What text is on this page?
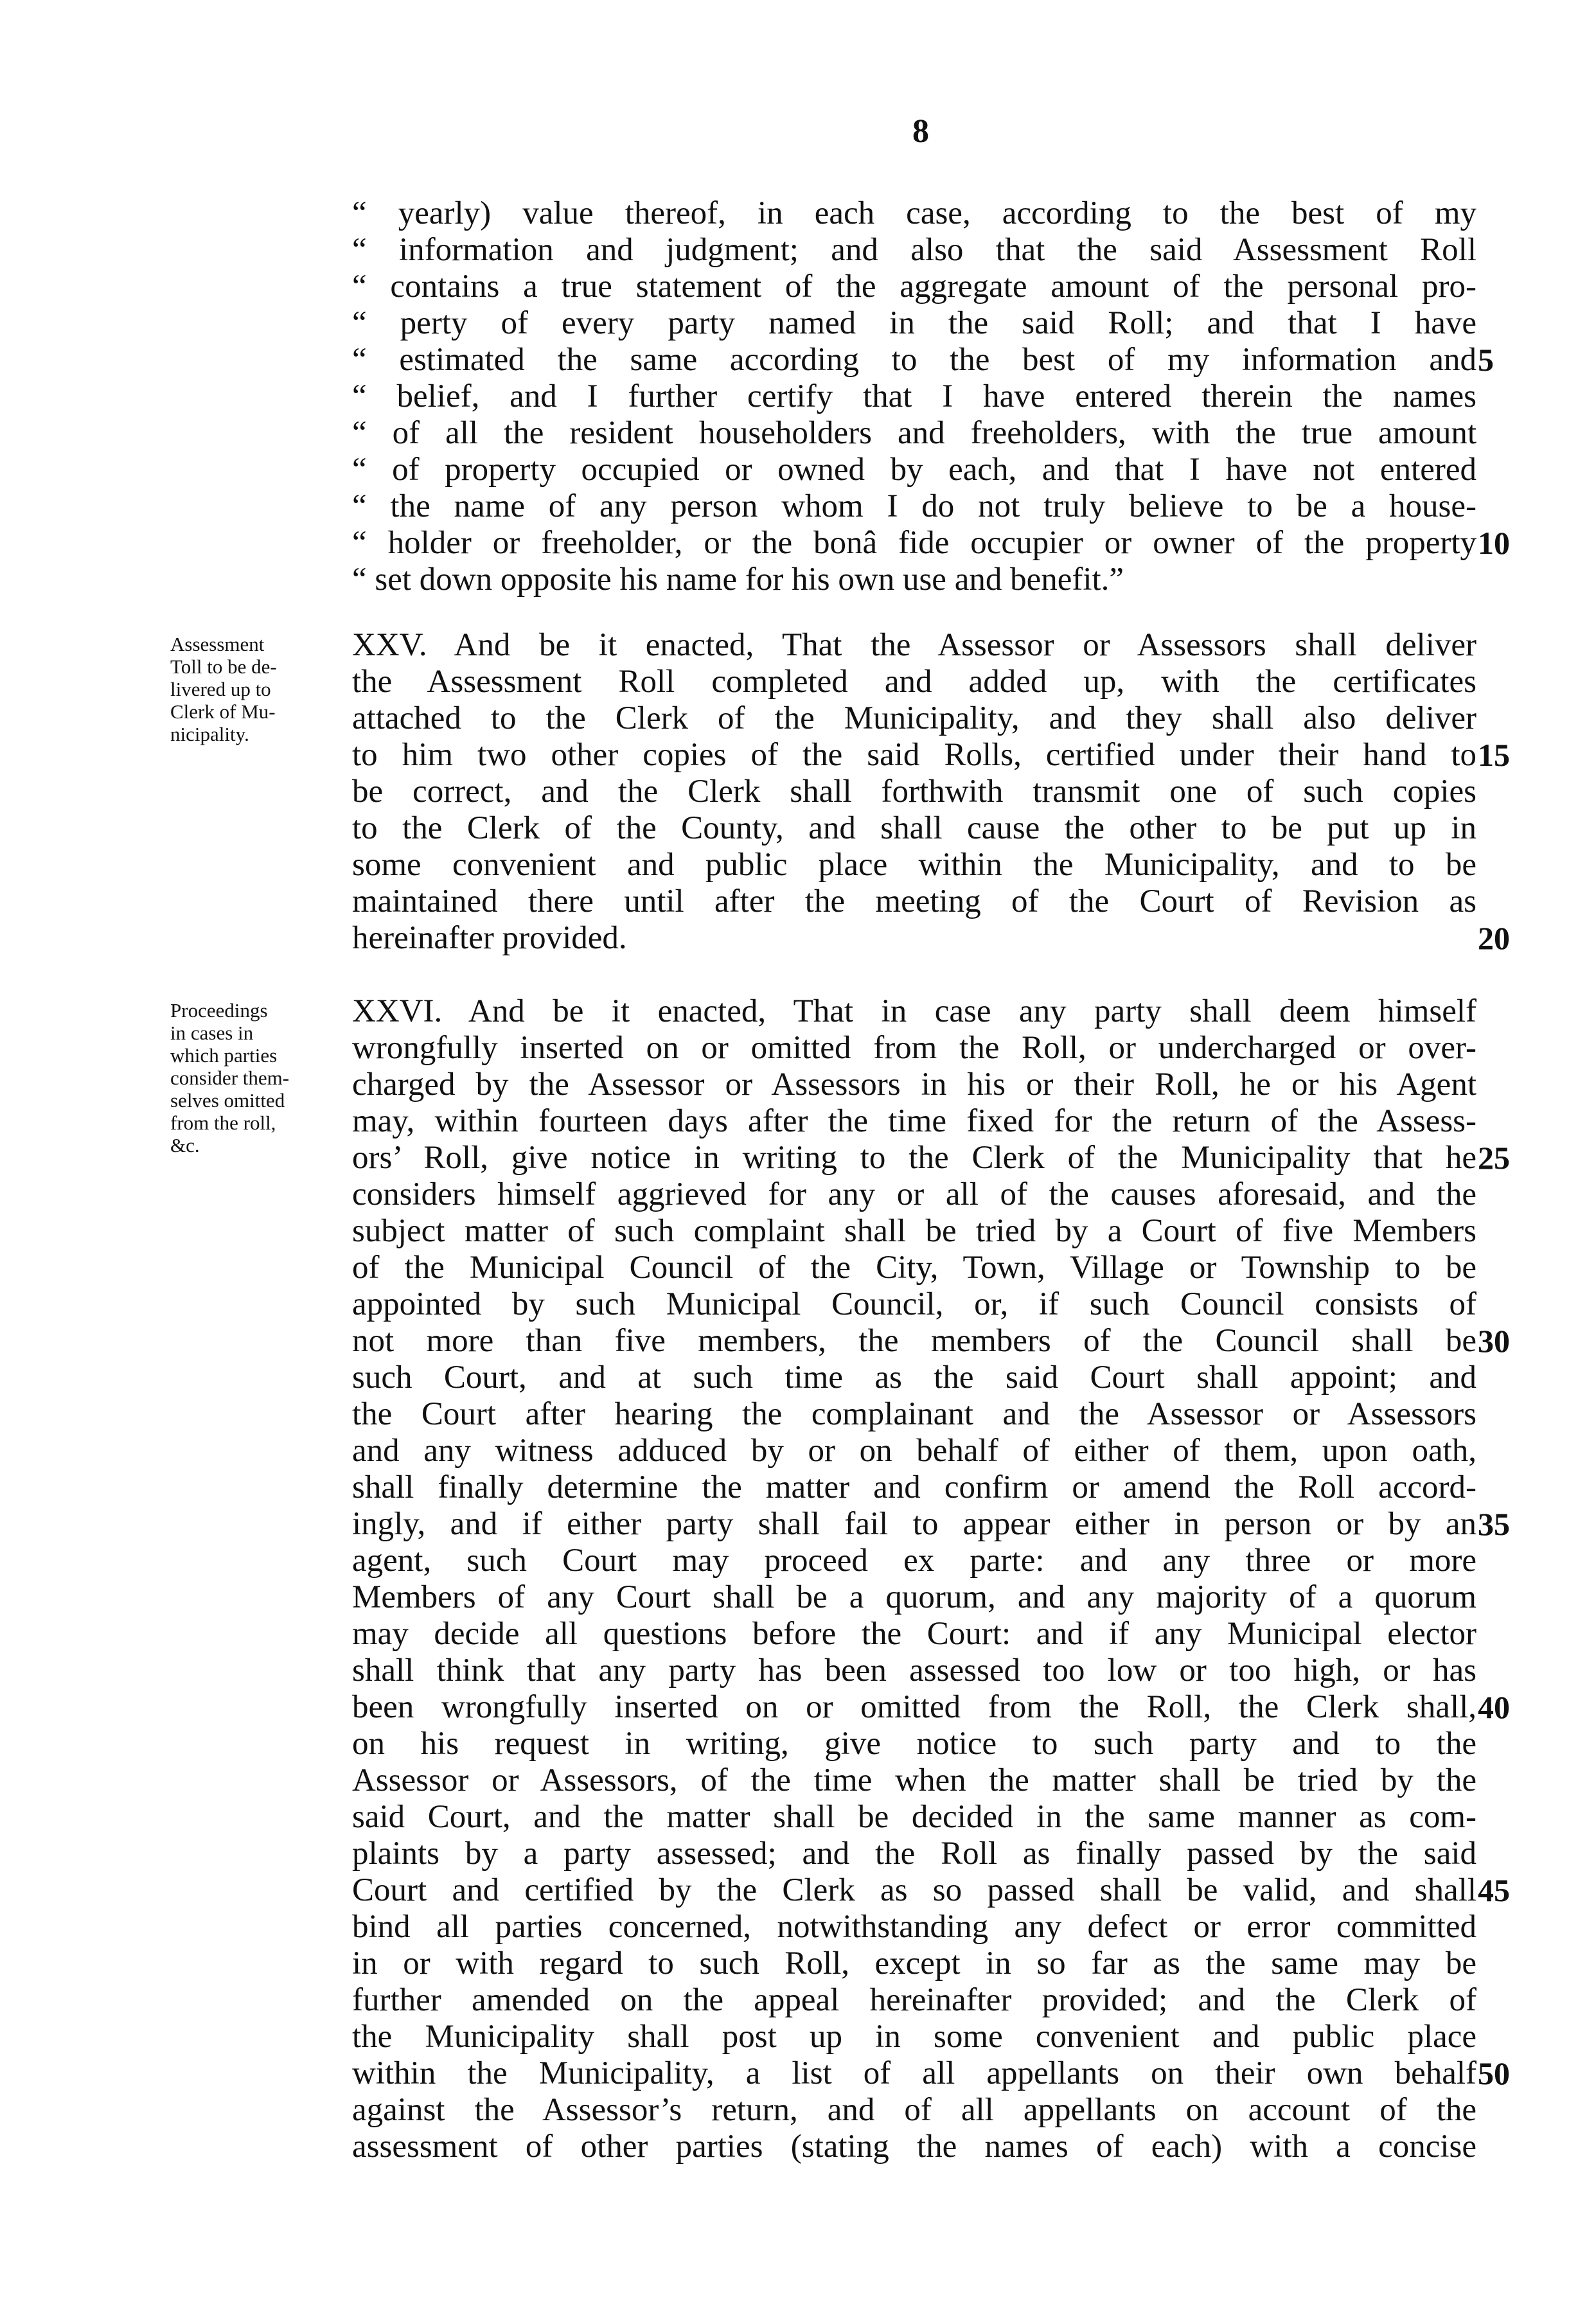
8
“ yearly) value thereof, in each case, according to the best of my
“ information and judgment; and also that the said Assessment Roll
“ contains a true statement of the aggregate amount of the personal pro-
“ perty of every party named in the said Roll; and that I have
“ estimated the same according to the best of my information and
“ belief, and I further certify that I have entered therein the names
“ of all the resident householders and freeholders, with the true amount
“ of property occupied or owned by each, and that I have not entered
“ the name of any person whom I do not truly believe to be a house-
“ holder or freeholder, or the bonâ fide occupier or owner of the property
“ set down opposite his name for his own use and benefit.”
XXV. And be it enacted, That the Assessor or Assessors shall deliver
the Assessment Roll completed and added up, with the certificates
attached to the Clerk of the Municipality, and they shall also deliver
to him two other copies of the said Rolls, certified under their hand to
be correct, and the Clerk shall forthwith transmit one of such copies
to the Clerk of the County, and shall cause the other to be put up in
some convenient and public place within the Municipality, and to be
maintained there until after the meeting of the Court of Revision as
hereinafter provided.
XXVI. And be it enacted, That in case any party shall deem himself
wrongfully inserted on or omitted from the Roll, or undercharged or over-
charged by the Assessor or Assessors in his or their Roll, he or his Agent
may, within fourteen days after the time fixed for the return of the Assess-
ors’ Roll, give notice in writing to the Clerk of the Municipality that he
considers himself aggrieved for any or all of the causes aforesaid, and the
subject matter of such complaint shall be tried by a Court of five Members
of the Municipal Council of the City, Town, Village or Township to be
appointed by such Municipal Council, or, if such Council consists of
not more than five members, the members of the Council shall be
such Court, and at such time as the said Court shall appoint; and
the Court after hearing the complainant and the Assessor or Assessors
and any witness adduced by or on behalf of either of them, upon oath,
shall finally determine the matter and confirm or amend the Roll accord-
ingly, and if either party shall fail to appear either in person or by an
agent, such Court may proceed ex parte: and any three or more
Members of any Court shall be a quorum, and any majority of a quorum
may decide all questions before the Court: and if any Municipal elector
shall think that any party has been assessed too low or too high, or has
been wrongfully inserted on or omitted from the Roll, the Clerk shall,
on his request in writing, give notice to such party and to the
Assessor or Assessors, of the time when the matter shall be tried by the
said Court, and the matter shall be decided in the same manner as com-
plaints by a party assessed; and the Roll as finally passed by the said
Court and certified by the Clerk as so passed shall be valid, and shall
bind all parties concerned, notwithstanding any defect or error committed
in or with regard to such Roll, except in so far as the same may be
further amended on the appeal hereinafter provided; and the Clerk of
the Municipality shall post up in some convenient and public place
within the Municipality, a list of all appellants on their own behalf
against the Assessor’s return, and of all appellants on account of the
assessment of other parties (stating the names of each) with a concise
5
10
15
20
25
30
35
40
45
50
Assessment
Toll to be de-
livered up to
Clerk of Mu-
nicipality.
Proceedings
in cases in
which parties
consider them-
selves omitted
from the roll,
&c.
